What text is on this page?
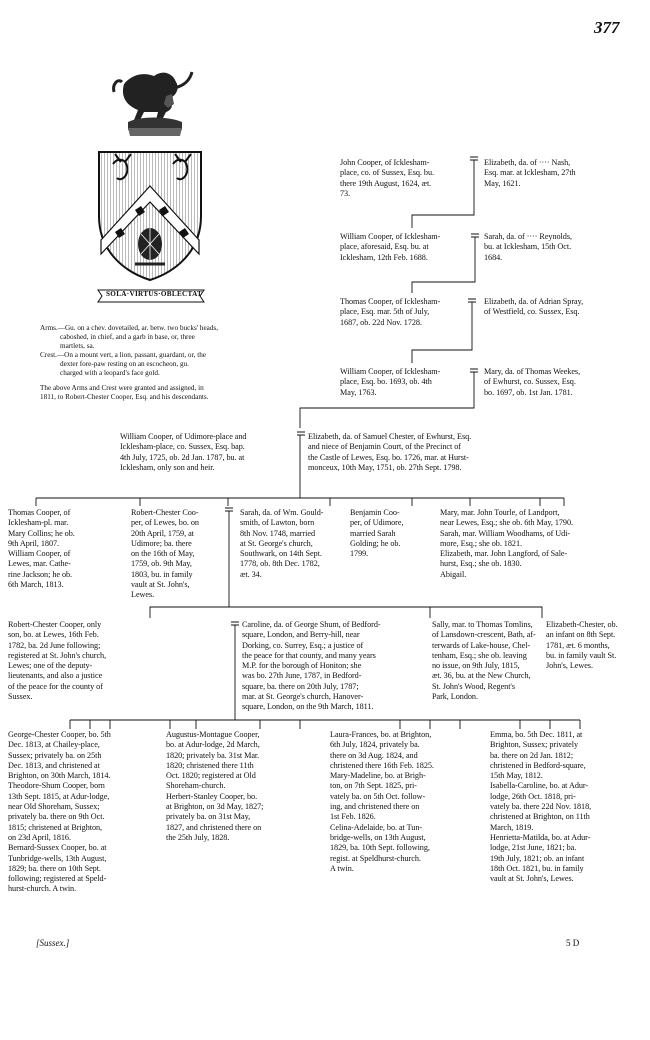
377
SOLA·VIRTUS·OBLECTAT
Arms.—Gu. on a chev. dovetailed, ar. betw. two bucks' heads,
caboshed, in chief, and a garb in base, or, three
martlets, sa.
Crest.—On a mount vert, a lion, passant, guardant, or, the
dexter fore-paw resting on an escocheon, gu.
charged with a leopard's face gold.
The above Arms and Crest were granted and assigned, in
1811, to Robert-Chester Cooper, Esq. and his descendants.
John Cooper, of Icklesham-
place, co. of Sussex, Esq. bu.
there 19th August, 1624, æt.
73.
Elizabeth, da. of ···· Nash,
Esq. mar. at Icklesham, 27th
May, 1621.
William Cooper, of Icklesham-
place, aforesaid, Esq. bu. at
Icklesham, 12th Feb. 1688.
Sarah, da. of ···· Reynolds,
bu. at Icklesham, 15th Oct.
1684.
Thomas Cooper, of Icklesham-
place, Esq. mar. 5th of July,
1687, ob. 22d Nov. 1728.
Elizabeth, da. of Adrian Spray,
of Westfield, co. Sussex, Esq.
William Cooper, of Icklesham-
place, Esq. bo. 1693, ob. 4th
May, 1763.
Mary, da. of Thomas Weekes,
of Ewhurst, co. Sussex, Esq.
bo. 1697, ob. 1st Jan. 1781.
William Cooper, of Udimore-place and
Icklesham-place, co. Sussex, Esq. bap.
4th July, 1725, ob. 2d Jan. 1787, bu. at
Icklesham, only son and heir.
Elizabeth, da. of Samuel Chester, of Ewhurst, Esq.
and niece of Benjamin Court, of the Precinct of
the Castle of Lewes, Esq. bo. 1726, mar. at Hurst-
monceux, 10th May, 1751, ob. 27th Sept. 1798.
Thomas Cooper, of
Icklesham-pl. mar.
Mary Collins; he ob.
9th April, 1807.
William Cooper, of
Lewes, mar. Cathe-
rine Jackson; he ob.
6th March, 1813.
Robert-Chester Coo-
per, of Lewes, bo. on
20th April, 1759, at
Udimore; ba. there
on the 16th of May,
1759, ob. 9th May,
1803, bu. in family
vault at St. John's,
Lewes.
Sarah, da. of Wm. Gould-
smith, of Lawton, born
8th Nov. 1748, married
at St. George's church,
Southwark, on 14th Sept.
1778, ob. 8th Dec. 1782,
æt. 34.
Benjamin Coo-
per, of Udimore,
married Sarah
Golding; he ob.
1799.
Mary, mar. John Tourle, of Landport,
near Lewes, Esq.; she ob. 6th May, 1790.
Sarah, mar. William Woodhams, of Udi-
more, Esq.; she ob. 1821.
Elizabeth, mar. John Langford, of Sale-
hurst, Esq.; she ob. 1830.
Abigail.
Robert-Chester Cooper, only
son, bo. at Lewes, 16th Feb.
1782, ba. 2d June following;
registered at St. John's church,
Lewes; one of the deputy-
lieutenants, and also a justice
of the peace for the county of
Sussex.
Caroline, da. of George Shum, of Bedford-
square, London, and Berry-hill, near
Dorking, co. Surrey, Esq.; a justice of
the peace for that county, and many years
M.P. for the borough of Honiton; she
was bo. 27th June, 1787, in Bedford-
square, ba. there on 20th July, 1787;
mar. at St. George's church, Hanover-
square, London, on the 9th March, 1811.
Sally, mar. to Thomas Tomlins,
of Lansdown-crescent, Bath, af-
terwards of Lake-house, Chel-
tenham, Esq.; she ob. leaving
no issue, on 9th July, 1815,
æt. 36, bu. at the New Church,
St. John's Wood, Regent's
Park, London.
Elizabeth-Chester, ob.
an infant on 8th Sept.
1781, æt. 6 months,
bu. in family vault St.
John's, Lewes.
George-Chester Cooper, bo. 5th
Dec. 1813, at Chailey-place,
Sussex; privately ba. on 25th
Dec. 1813, and christened at
Brighton, on 30th March, 1814.
Theodore-Shum Cooper, born
13th Sept. 1815, at Adur-lodge,
near Old Shoreham, Sussex;
privately ba. there on 9th Oct.
1815; christened at Brighton,
on 23d April, 1816.
Bernard-Sussex Cooper, bo. at
Tunbridge-wells, 13th August,
1829; ba. there on 10th Sept.
following; registered at Speld-
hurst-church. A twin.
Augustus-Montague Cooper,
bo. at Adur-lodge, 2d March,
1820; privately ba. 31st Mar.
1820; christened there 11th
Oct. 1820; registered at Old
Shoreham-church.
Herbert-Stanley Cooper, bo.
at Brighton, on 3d May, 1827;
privately ba. on 31st May,
1827, and christened there on
the 25th July, 1828.
Laura-Frances, bo. at Brighton,
6th July, 1824, privately ba.
there on 3d Aug. 1824, and
christened there 16th Feb. 1825.
Mary-Madeline, bo. at Brigh-
ton, on 7th Sept. 1825, pri-
vately ba. on 5th Oct. follow-
ing, and christened there on
1st Feb. 1826.
Celina-Adelaide, bo. at Tun-
bridge-wells, on 13th August,
1829, ba. 10th Sept. following,
regist. at Speldhurst-church.
A twin.
Emma, bo. 5th Dec. 1811, at
Brighton, Sussex; privately
ba. there on 2d Jan. 1812;
christened in Bedford-square,
15th May, 1812.
Isabella-Caroline, bo. at Adur-
lodge, 26th Oct. 1818, pri-
vately ba. there 22d Nov. 1818,
christened at Brighton, on 11th
March, 1819.
Henrietta-Matilda, bo. at Adur-
lodge, 21st June, 1821; ba.
19th July, 1821; ob. an infant
18th Oct. 1821, bu. in family
vault at St. John's, Lewes.
[Sussex.]	5 D
